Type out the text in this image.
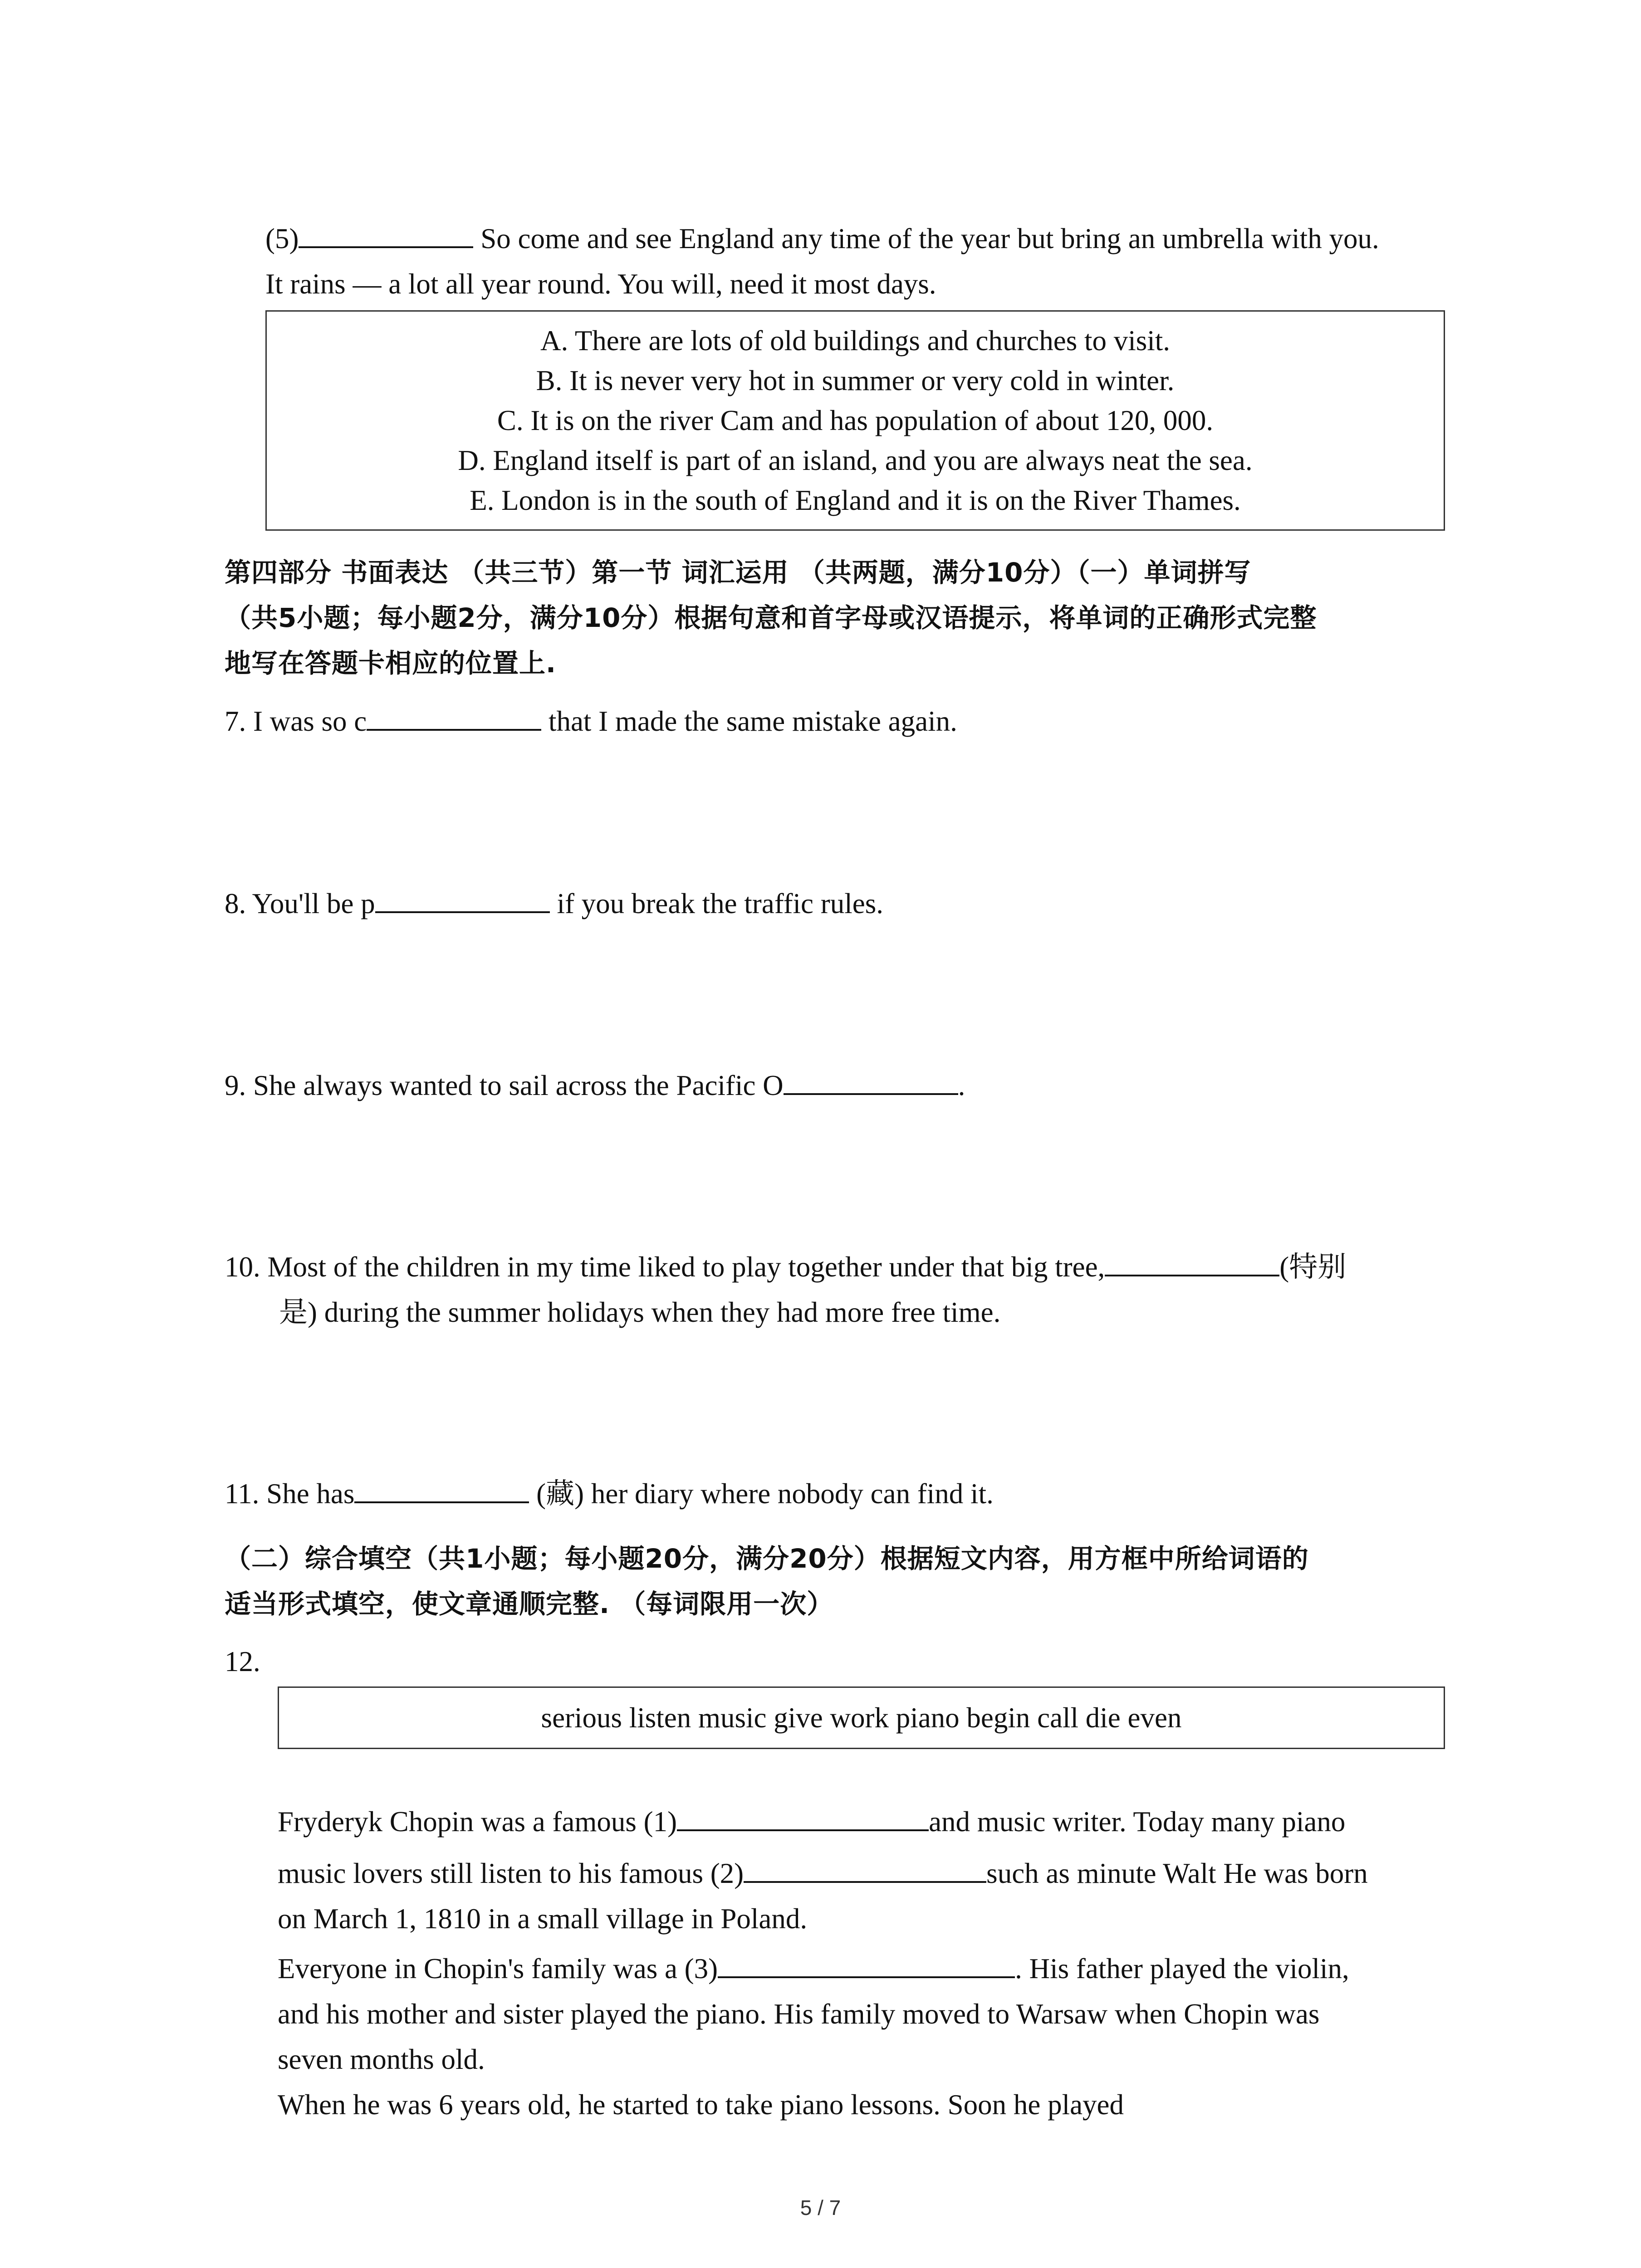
(5)	So come and see England any time of the year but bring an umbrella with you.
It rains — a lot all year round. You will, need it most days.
A. There are lots of old buildings and churches to visit.
B. It is never very hot in summer or very cold in winter.
C. It is on the river Cam and has population of about 120, 000.
D. England itself is part of an island, and you are always neat the sea.
E. London is in the south of England and it is on the River Thames.
第四部分 书面表达 （共三节）第一节 词汇运用 （共两题，满分10分）（一）单词拼写
（共5小题；每小题2分，满分10分）根据句意和首字母或汉语提示，将单词的正确形式完整
地写在答题卡相应的位置上.
7. I was so c	that I made the same mistake again.
8. You'll be p	if you break the traffic rules.
9. She always wanted to sail across the Pacific O	.
10. Most of the children in my time liked to play together under that big tree,	(特别
是) during the summer holidays when they had more free time.
11. She has	(藏) her diary where nobody can find it.
（二）综合填空（共1小题；每小题20分，满分20分）根据短文内容，用方框中所给词语的
适当形式填空，使文章通顺完整. （每词限用一次）
12.
serious listen music give work piano begin call die even
Fryderyk Chopin was a famous (1)	and music writer. Today many piano
music lovers still listen to his famous (2)	such as minute Walt He was born
on March 1, 1810 in a small village in Poland.
Everyone in Chopin's family was a (3)	. His father played the violin,
and his mother and sister played the piano. His family moved to Warsaw when Chopin was
seven months old.
When he was 6 years old, he started to take piano lessons. Soon he played
5 / 7
